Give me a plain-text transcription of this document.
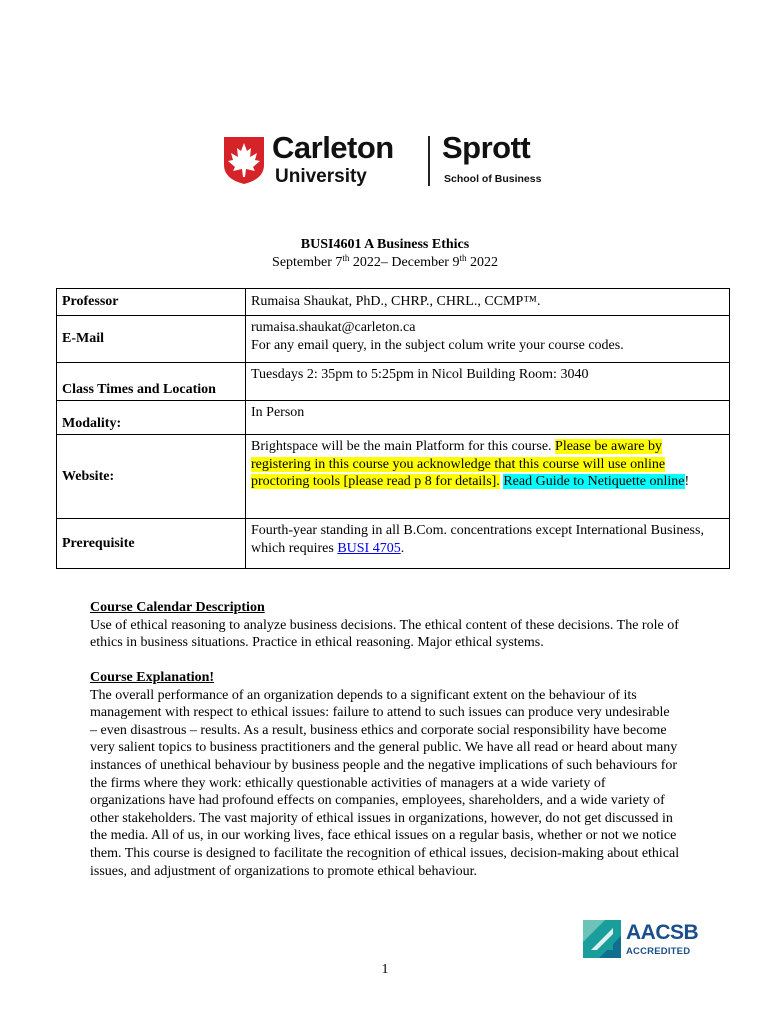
Carleton
University
Sprott
School of Business
BUSI4601 A Business Ethics
September 7th 2022– December 9th 2022
Professor	Rumaisa Shaukat, PhD., CHRP., CHRL., CCMP™.
E-Mail	rumaisa.shaukat@carleton.ca
For any email query, in the subject colum write your course codes.

Class Times and Location	Tuesdays 2: 35pm to 5:25pm in Nicol Building Room: 3040
Modality:	In Person
Website:	Brightspace will be the main Platform for this course. Please be aware by registering in this course you acknowledge that this course will use online proctoring tools [please read p 8 for details]. Read Guide to Netiquette online!
Prerequisite	Fourth-year standing in all B.Com. concentrations except International Business, which requires BUSI 4705.
Course Calendar Description

Use of ethical reasoning to analyze business decisions. The ethical content of these decisions. The role of ethics in business situations. Practice in ethical reasoning. Major ethical systems.

Course Explanation!

The overall performance of an organization depends to a significant extent on the behaviour of its management with respect to ethical issues: failure to attend to such issues can produce very undesirable – even disastrous – results. As a result, business ethics and corporate social responsibility have become very salient topics to business practitioners and the general public. We have all read or heard about many instances of unethical behaviour by business people and the negative implications of such behaviours for the firms where they work: ethically questionable activities of managers at a wide variety of organizations have had profound effects on companies, employees, shareholders, and a wide variety of other stakeholders. The vast majority of ethical issues in organizations, however, do not get discussed in the media. All of us, in our working lives, face ethical issues on a regular basis, whether or not we notice them. This course is designed to facilitate the recognition of ethical issues, decision-making about ethical issues, and adjustment of organizations to promote ethical behaviour.

AACSB
ACCREDITED
1
